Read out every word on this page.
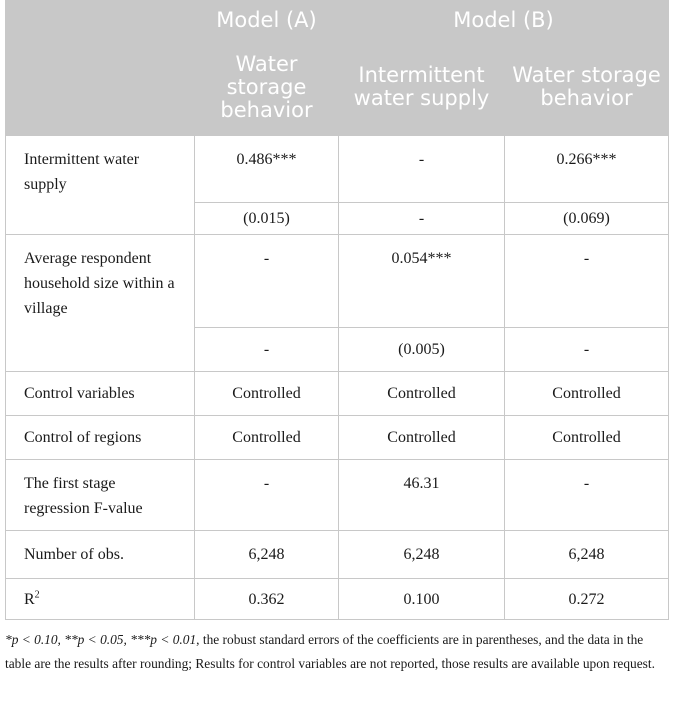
	Model (A)	Model (B)	
	Water storage behavior	Intermittent water supply	Water storage behavior
Intermittent water supply	0.486***	-	0.266***
	(0.015)	-	(0.069)
Average respondent household size within a village	-	0.054***	-
	-	(0.005)	-
Control variables	Controlled	Controlled	Controlled
Control of regions	Controlled	Controlled	Controlled
The first stage regression F-value	-	46.31	-
Number of obs.	6,248	6,248	6,248
$R^2$	0.362	0.100	0.272
*p < 0.10, **p < 0.05, ***p < 0.01, the robust standard errors of the coefficients are in parentheses, and the data in the table are the results after rounding; Results for control variables are not reported, those results are available upon request.
